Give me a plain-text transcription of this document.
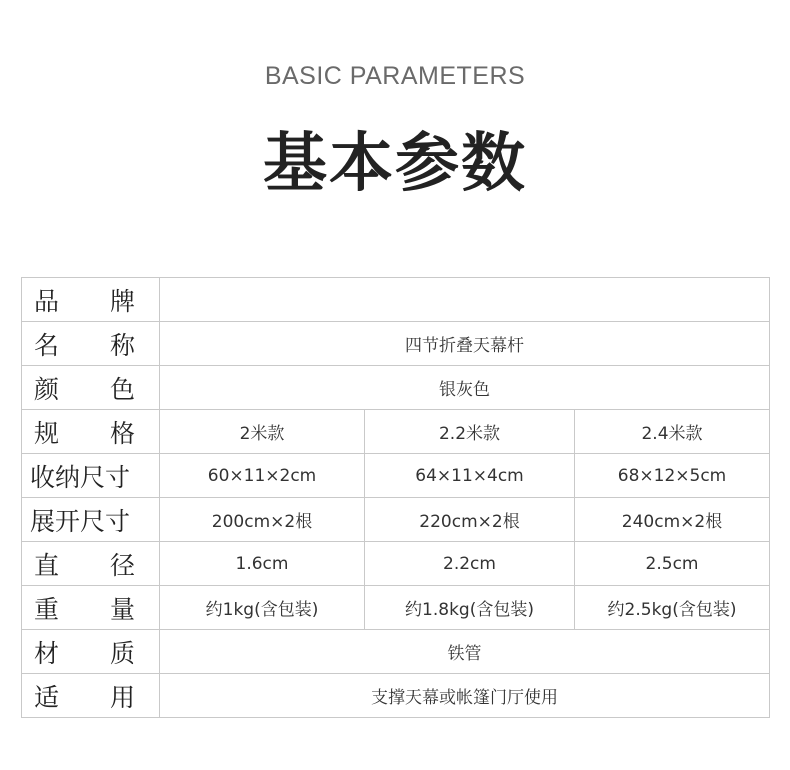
BASIC PARAMETERS
基本参数
品 牌			

名 称	四节折叠天幕杆		

颜 色	银灰色		

规 格	2米款	2.2米款	2.4米款

收纳尺寸	60×11×2cm	64×11×4cm	68×12×5cm

展开尺寸	200cm×2根	220cm×2根	240cm×2根

直 径	1.6cm	2.2cm	2.5cm

重 量	约1kg(含包装)	约1.8kg(含包装)	约2.5kg(含包装)

材 质	铁管		

适 用	支撑天幕或帐篷门厅使用		
